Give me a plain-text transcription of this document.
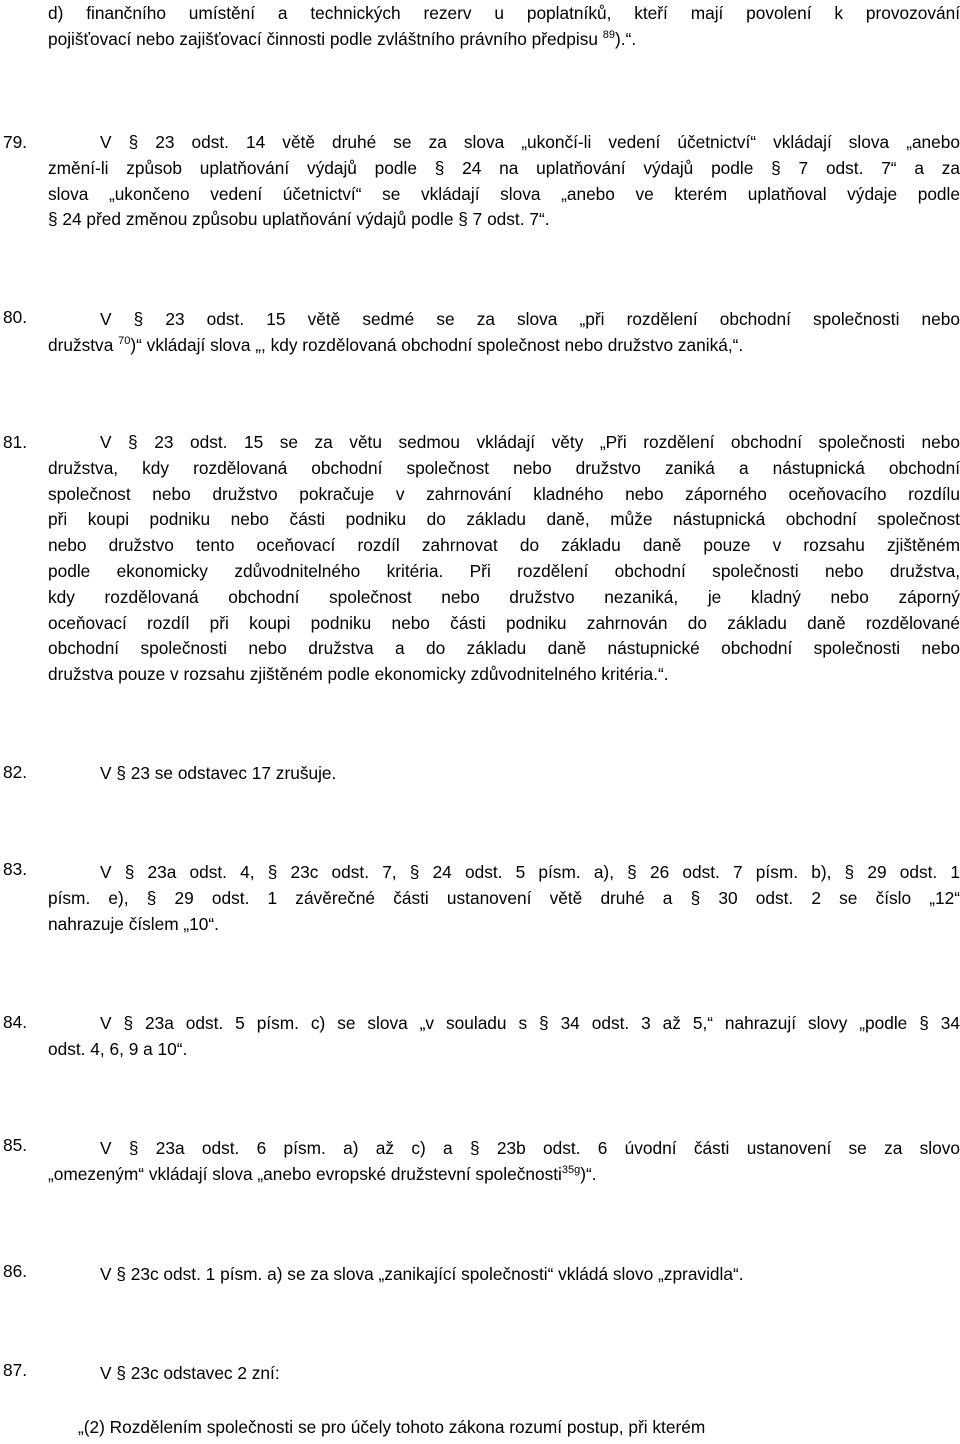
d) finančního umístění a technických rezerv u poplatníků, kteří mají povolení k provozování
pojišťovací nebo zajišťovací činnosti podle zvláštního právního předpisu $^{89}$).“.
79.	V § 23 odst. 14 větě druhé se za slova „ukončí-li vedení účetnictví“ vkládají slova „anebo
změní-li způsob uplatňování výdajů podle § 24 na uplatňování výdajů podle § 7 odst. 7“ a za
slova „ukončeno vedení účetnictví“ se vkládají slova „anebo ve kterém uplatňoval výdaje podle
§ 24 před změnou způsobu uplatňování výdajů podle § 7 odst. 7“.
80.	V § 23 odst. 15 větě sedmé se za slova „při rozdělení obchodní společnosti nebo
družstva $^{70}$)“ vkládají slova „, kdy rozdělovaná obchodní společnost nebo družstvo zaniká,“.
81.	V § 23 odst. 15 se za větu sedmou vkládají věty „Při rozdělení obchodní společnosti nebo
družstva, kdy rozdělovaná obchodní společnost nebo družstvo zaniká a nástupnická obchodní
společnost nebo družstvo pokračuje v zahrnování kladného nebo záporného oceňovacího rozdílu
při koupi podniku nebo části podniku do základu daně, může nástupnická obchodní společnost
nebo družstvo tento oceňovací rozdíl zahrnovat do základu daně pouze v rozsahu zjištěném
podle ekonomicky zdůvodnitelného kritéria. Při rozdělení obchodní společnosti nebo družstva,
kdy rozdělovaná obchodní společnost nebo družstvo nezaniká, je kladný nebo záporný
oceňovací rozdíl při koupi podniku nebo části podniku zahrnován do základu daně rozdělované
obchodní společnosti nebo družstva a do základu daně nástupnické obchodní společnosti nebo
družstva pouze v rozsahu zjištěném podle ekonomicky zdůvodnitelného kritéria.“.
82.	V § 23 se odstavec 17 zrušuje.
83.	V § 23a odst. 4, § 23c odst. 7, § 24 odst. 5 písm. a), § 26 odst. 7 písm. b), § 29 odst. 1
písm. e), § 29 odst. 1 závěrečné části ustanovení větě druhé a § 30 odst. 2 se číslo „12“
nahrazuje číslem „10“.
84.	V § 23a odst. 5 písm. c) se slova „v souladu s § 34 odst. 3 až 5,“ nahrazují slovy „podle § 34
odst. 4, 6, 9 a 10“.
85.	V § 23a odst. 6 písm. a) až c) a § 23b odst. 6 úvodní části ustanovení se za slovo
„omezeným“ vkládají slova „anebo evropské družstevní společnosti$^{35g}$)“.
86.	V § 23c odst. 1 písm. a) se za slova „zanikající společnosti“ vkládá slovo „zpravidla“.
87.	V § 23c odstavec 2 zní:
„(2) Rozdělením společnosti se pro účely tohoto zákona rozumí postup, při kterém
